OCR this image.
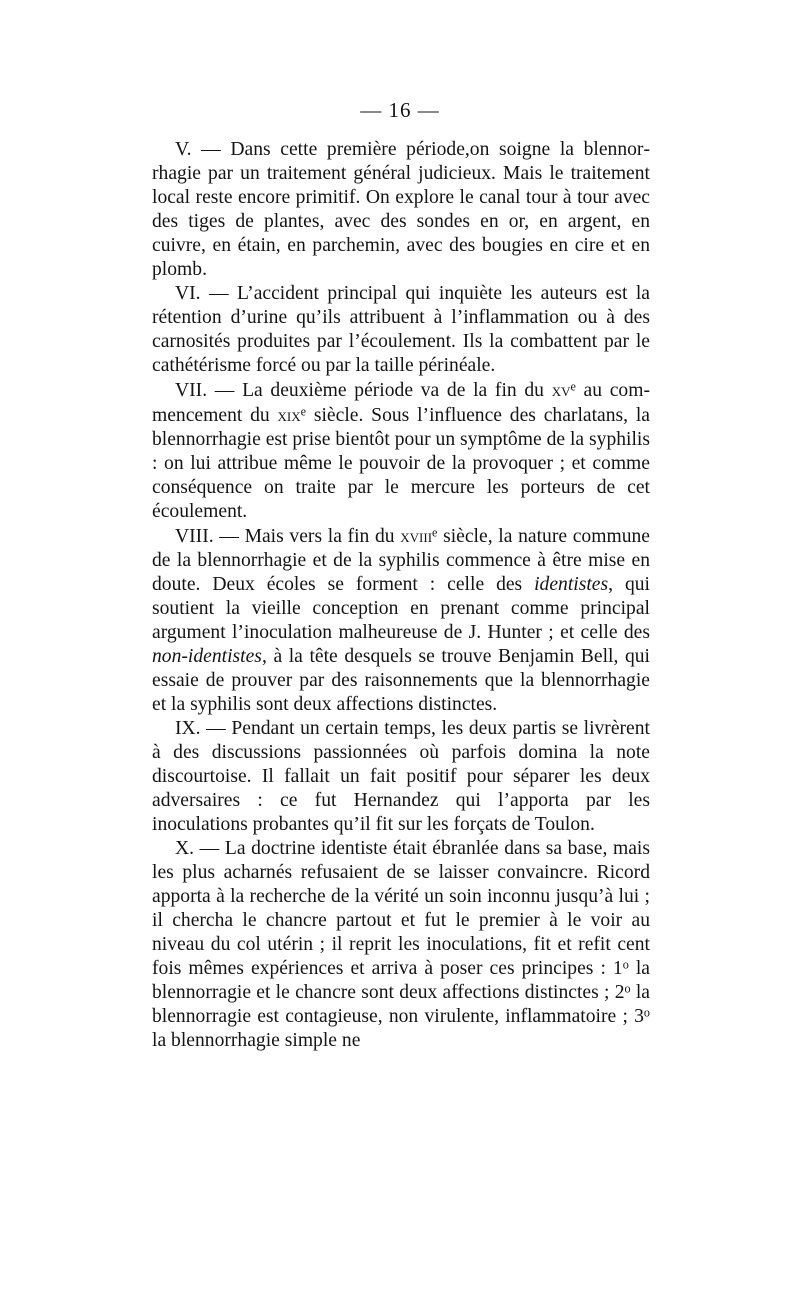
— 16 —

V. — Dans cette première période,on soigne la blennorrhagie par un traitement général judicieux. Mais le traitement local reste encore primitif. On explore le canal tour à tour avec des tiges de plantes, avec des sondes en or, en argent, en cuivre, en étain, en parchemin, avec des bougies en cire et en plomb.

VI. — L’accident principal qui inquiète les auteurs est la rétention d’urine qu’ils attribuent à l’inflammation ou à des carnosités produites par l’écoulement. Ils la combattent par le cathétérisme forcé ou par la taille périnéale.

VII. — La deuxième période va de la fin du $xv^e$ au commencement du xix$^e$ siècle. Sous l’influence des charlatans, la blennorrhagie est prise bientôt pour un symptôme de la syphilis : on lui attribue même le pouvoir de la provoquer ; et comme conséquence on traite par le mercure les porteurs de cet écoulement.

VIII. — Mais vers la fin du xviii$^e$ siècle, la nature commune de la blennorrhagie et de la syphilis commence à être mise en doute. Deux écoles se forment : celle des identistes, qui soutient la vieille conception en prenant comme principal argument l’inoculation malheureuse de J. Hunter ; et celle des non-identistes, à la tête desquels se trouve Benjamin Bell, qui essaie de prouver par des raisonnements que la blennorrhagie et la syphilis sont deux affections distinctes.

IX. — Pendant un certain temps, les deux partis se livrèrent à des discussions passionnées où parfois domina la note discourtoise. Il fallait un fait positif pour séparer les deux adversaires : ce fut Hernandez qui l’apporta par les inoculations probantes qu’il fit sur les forçats de Toulon.

X. — La doctrine identiste était ébranlée dans sa base, mais les plus acharnés refusaient de se laisser convaincre. Ricord apporta à la recherche de la vérité un soin inconnu jusqu’à lui ; il chercha le chancre partout et fut le premier à le voir au niveau du col utérin ; il reprit les inoculations, fit et refit cent fois mêmes expériences et arriva à poser ces principes : 1$^o$ la blennorragie et le chancre sont deux affections distinctes ; 2$^o$ la blennorragie est contagieuse, non virulente, inflammatoire ; 3$^o$ la blennorrhagie simple ne
